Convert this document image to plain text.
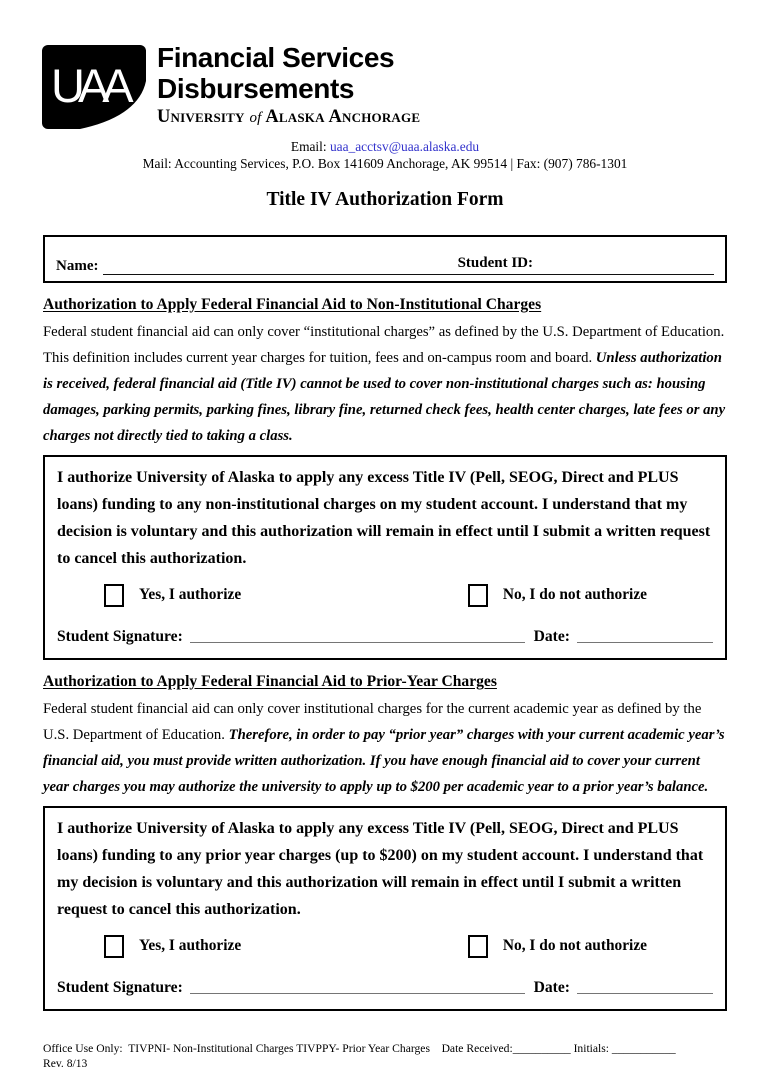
UAA
Financial Services
Disbursements
University of Alaska Anchorage
Email: uaa_acctsv@uaa.alaska.edu
Mail: Accounting Services, P.O. Box 141609 Anchorage, AK 99514 | Fax: (907) 786-1301
Title IV Authorization Form
Name:	Student ID:
Authorization to Apply Federal Financial Aid to Non-Institutional Charges
Federal student financial aid can only cover “institutional charges” as defined by the U.S. Department of Education. This definition includes current year charges for tuition, fees and on-campus room and board. Unless authorization is received, federal financial aid (Title IV) cannot be used to cover non-institutional charges such as: housing damages, parking permits, parking fines, library fine, returned check fees, health center charges, late fees or any charges not directly tied to taking a class.
I authorize University of Alaska to apply any excess Title IV (Pell, SEOG, Direct and PLUS loans) funding to any non-institutional charges on my student account. I understand that my decision is voluntary and this authorization will remain in effect until I submit a written request to cancel this authorization.
Yes, I authorize	No, I do not authorize
Student Signature:	Date:
Authorization to Apply Federal Financial Aid to Prior-Year Charges
Federal student financial aid can only cover institutional charges for the current academic year as defined by the U.S. Department of Education. Therefore, in order to pay “prior year” charges with your current academic year’s financial aid, you must provide written authorization. If you have enough financial aid to cover your current year charges you may authorize the university to apply up to $200 per academic year to a prior year’s balance.
I authorize University of Alaska to apply any excess Title IV (Pell, SEOG, Direct and PLUS loans) funding to any prior year charges (up to $200) on my student account. I understand that my decision is voluntary and this authorization will remain in effect until I submit a written request to cancel this authorization.
Yes, I authorize	No, I do not authorize
Student Signature:	Date:
Office Use Only:  TIVPNI- Non-Institutional Charges TIVPPY- Prior Year Charges    Date Received:__________ Initials: ___________
Rev. 8/13
